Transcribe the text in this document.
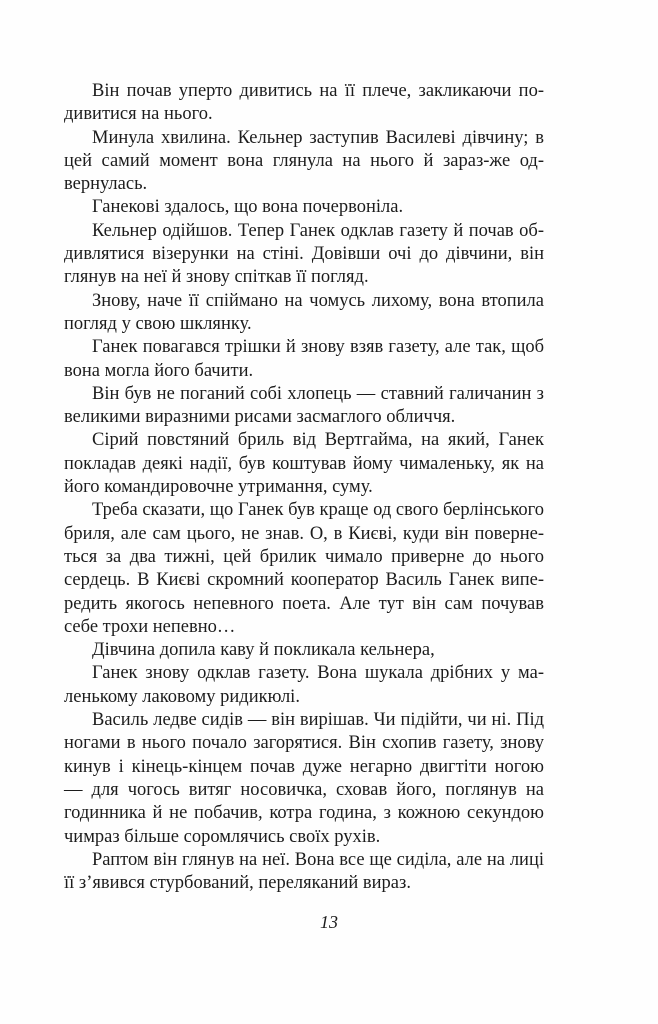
Він почав уперто дивитись на її плече, закликаючи подивитися на нього.

Минула хвилина. Кельнер заступив Василеві дівчину; в цей самий момент вона глянула на нього й зараз-же одвернулась.

Ганекові здалось, що вона почервоніла.

Кельнер одійшов. Тепер Ганек одклав газету й почав обдивлятися візерунки на стіні. Довівши очі до дівчини, він глянув на неї й знову спіткав її погляд.

Знову, наче її спіймано на чомусь лихому, вона втопила погляд у свою шклянку.

Ганек повагався трішки й знову взяв газету, але так, щоб вона могла його бачити.

Він був не поганий собі хлопець — ставний галичанин з великими виразними рисами засмаглого обличчя.

Сірий повстяний бриль від Вертгайма, на який, Ганек покладав деякі надії, був коштував йому чималеньку, як на його командировочне утримання, суму.

Треба сказати, що Ганек був краще од свого берлінського бриля, але сам цього, не знав. О, в Києві, куди він повернеться за два тижні, цей брилик чимало приверне до нього сердець. В Києві скромний кооператор Василь Ганек випередить якогось непевного поета. Але тут він сам почував себе трохи непевно…

Дівчина допила каву й покликала кельнера,

Ганек знову одклав газету. Вона шукала дрібних у маленькому лаковому ридикюлі.

Василь ледве сидів — він вирішав. Чи підійти, чи ні. Під ногами в нього почало загорятися. Він схопив газету, знову кинув і кінець-кінцем почав дуже негарно двигтіти ногою — для чогось витяг носовичка, сховав його, поглянув на годинника й не побачив, котра година, з кожною секундою чимраз більше соромлячись своїх рухів.

Раптом він глянув на неї. Вона все ще сиділа, але на лиці її з’явився стурбований, переляканий вираз.

13
